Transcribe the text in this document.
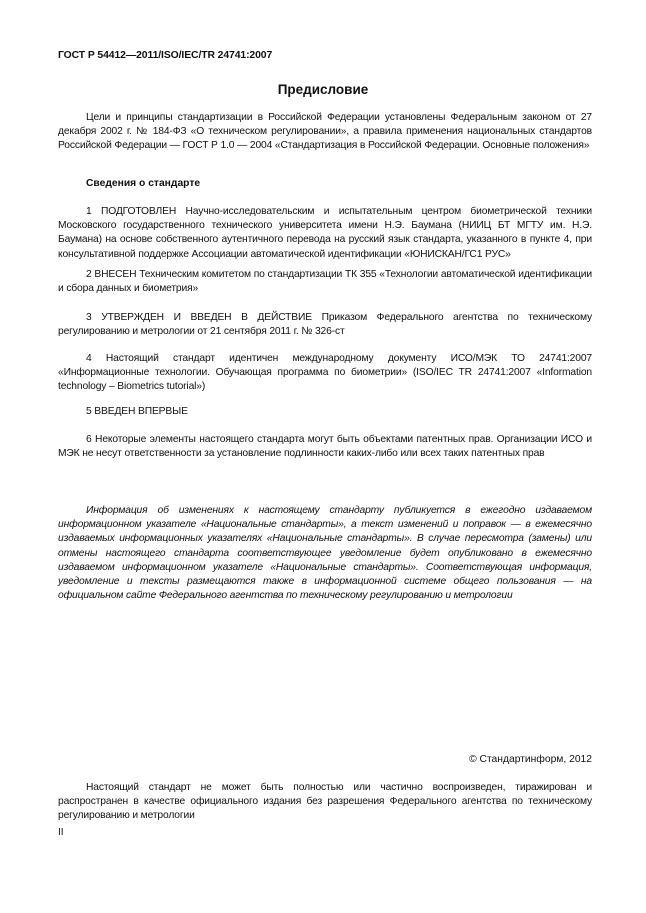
ГОСТ Р 54412—2011/ISO/IEC/TR 24741:2007
Предисловие

Цели и принципы стандартизации в Российской Федерации установлены Федеральным законом от 27 декабря 2002 г. № 184-ФЗ «О техническом регулировании», а правила применения национальных стандартов Российской Федерации — ГОСТ Р 1.0 — 2004 «Стандартизация в Российской Федерации. Основные положения»

Сведения о стандарте

1 ПОДГОТОВЛЕН Научно-исследовательским и испытательным центром биометрической техники Московского государственного технического университета имени Н.Э. Баумана (НИИЦ БТ МГТУ им. Н.Э. Баумана) на основе собственного аутентичного перевода на русский язык стандарта, указанного в пункте 4, при консультативной поддержке Ассоциации автоматической идентификации «ЮНИСКАН/ГС1 РУС»

2 ВНЕСЕН Техническим комитетом по стандартизации ТК 355 «Технологии автоматической идентификации и сбора данных и биометрия»

3 УТВЕРЖДЕН И ВВЕДЕН В ДЕЙСТВИЕ Приказом Федерального агентства по техническому регулированию и метрологии от 21 сентября 2011 г. № 326-ст

4 Настоящий стандарт идентичен международному документу ИСО/МЭК ТО 24741:2007 «Информационные технологии. Обучающая программа по биометрии» (ISO/IEC TR 24741:2007 «Information technology – Biometrics tutorial»)

5 ВВЕДЕН ВПЕРВЫЕ

6 Некоторые элементы настоящего стандарта могут быть объектами патентных прав. Организации ИСО и МЭК не несут ответственности за установление подлинности каких-либо или всех таких патентных прав

Информация об изменениях к настоящему стандарту публикуется в ежегодно издаваемом информационном указателе «Национальные стандарты», а текст изменений и поправок — в ежемесячно издаваемых информационных указателях «Национальные стандарты». В случае пересмотра (замены) или отмены настоящего стандарта соответствующее уведомление будет опубликовано в ежемесячно издаваемом информационном указателе «Национальные стандарты». Соответствующая информация, уведомление и тексты размещаются также в информационной системе общего пользования — на официальном сайте Федерального агентства по техническому регулированию и метрологии

© Стандартинформ, 2012

Настоящий стандарт не может быть полностью или частично воспроизведен, тиражирован и распространен в качестве официального издания без разрешения Федерального агентства по техническому регулированию и метрологии

II
